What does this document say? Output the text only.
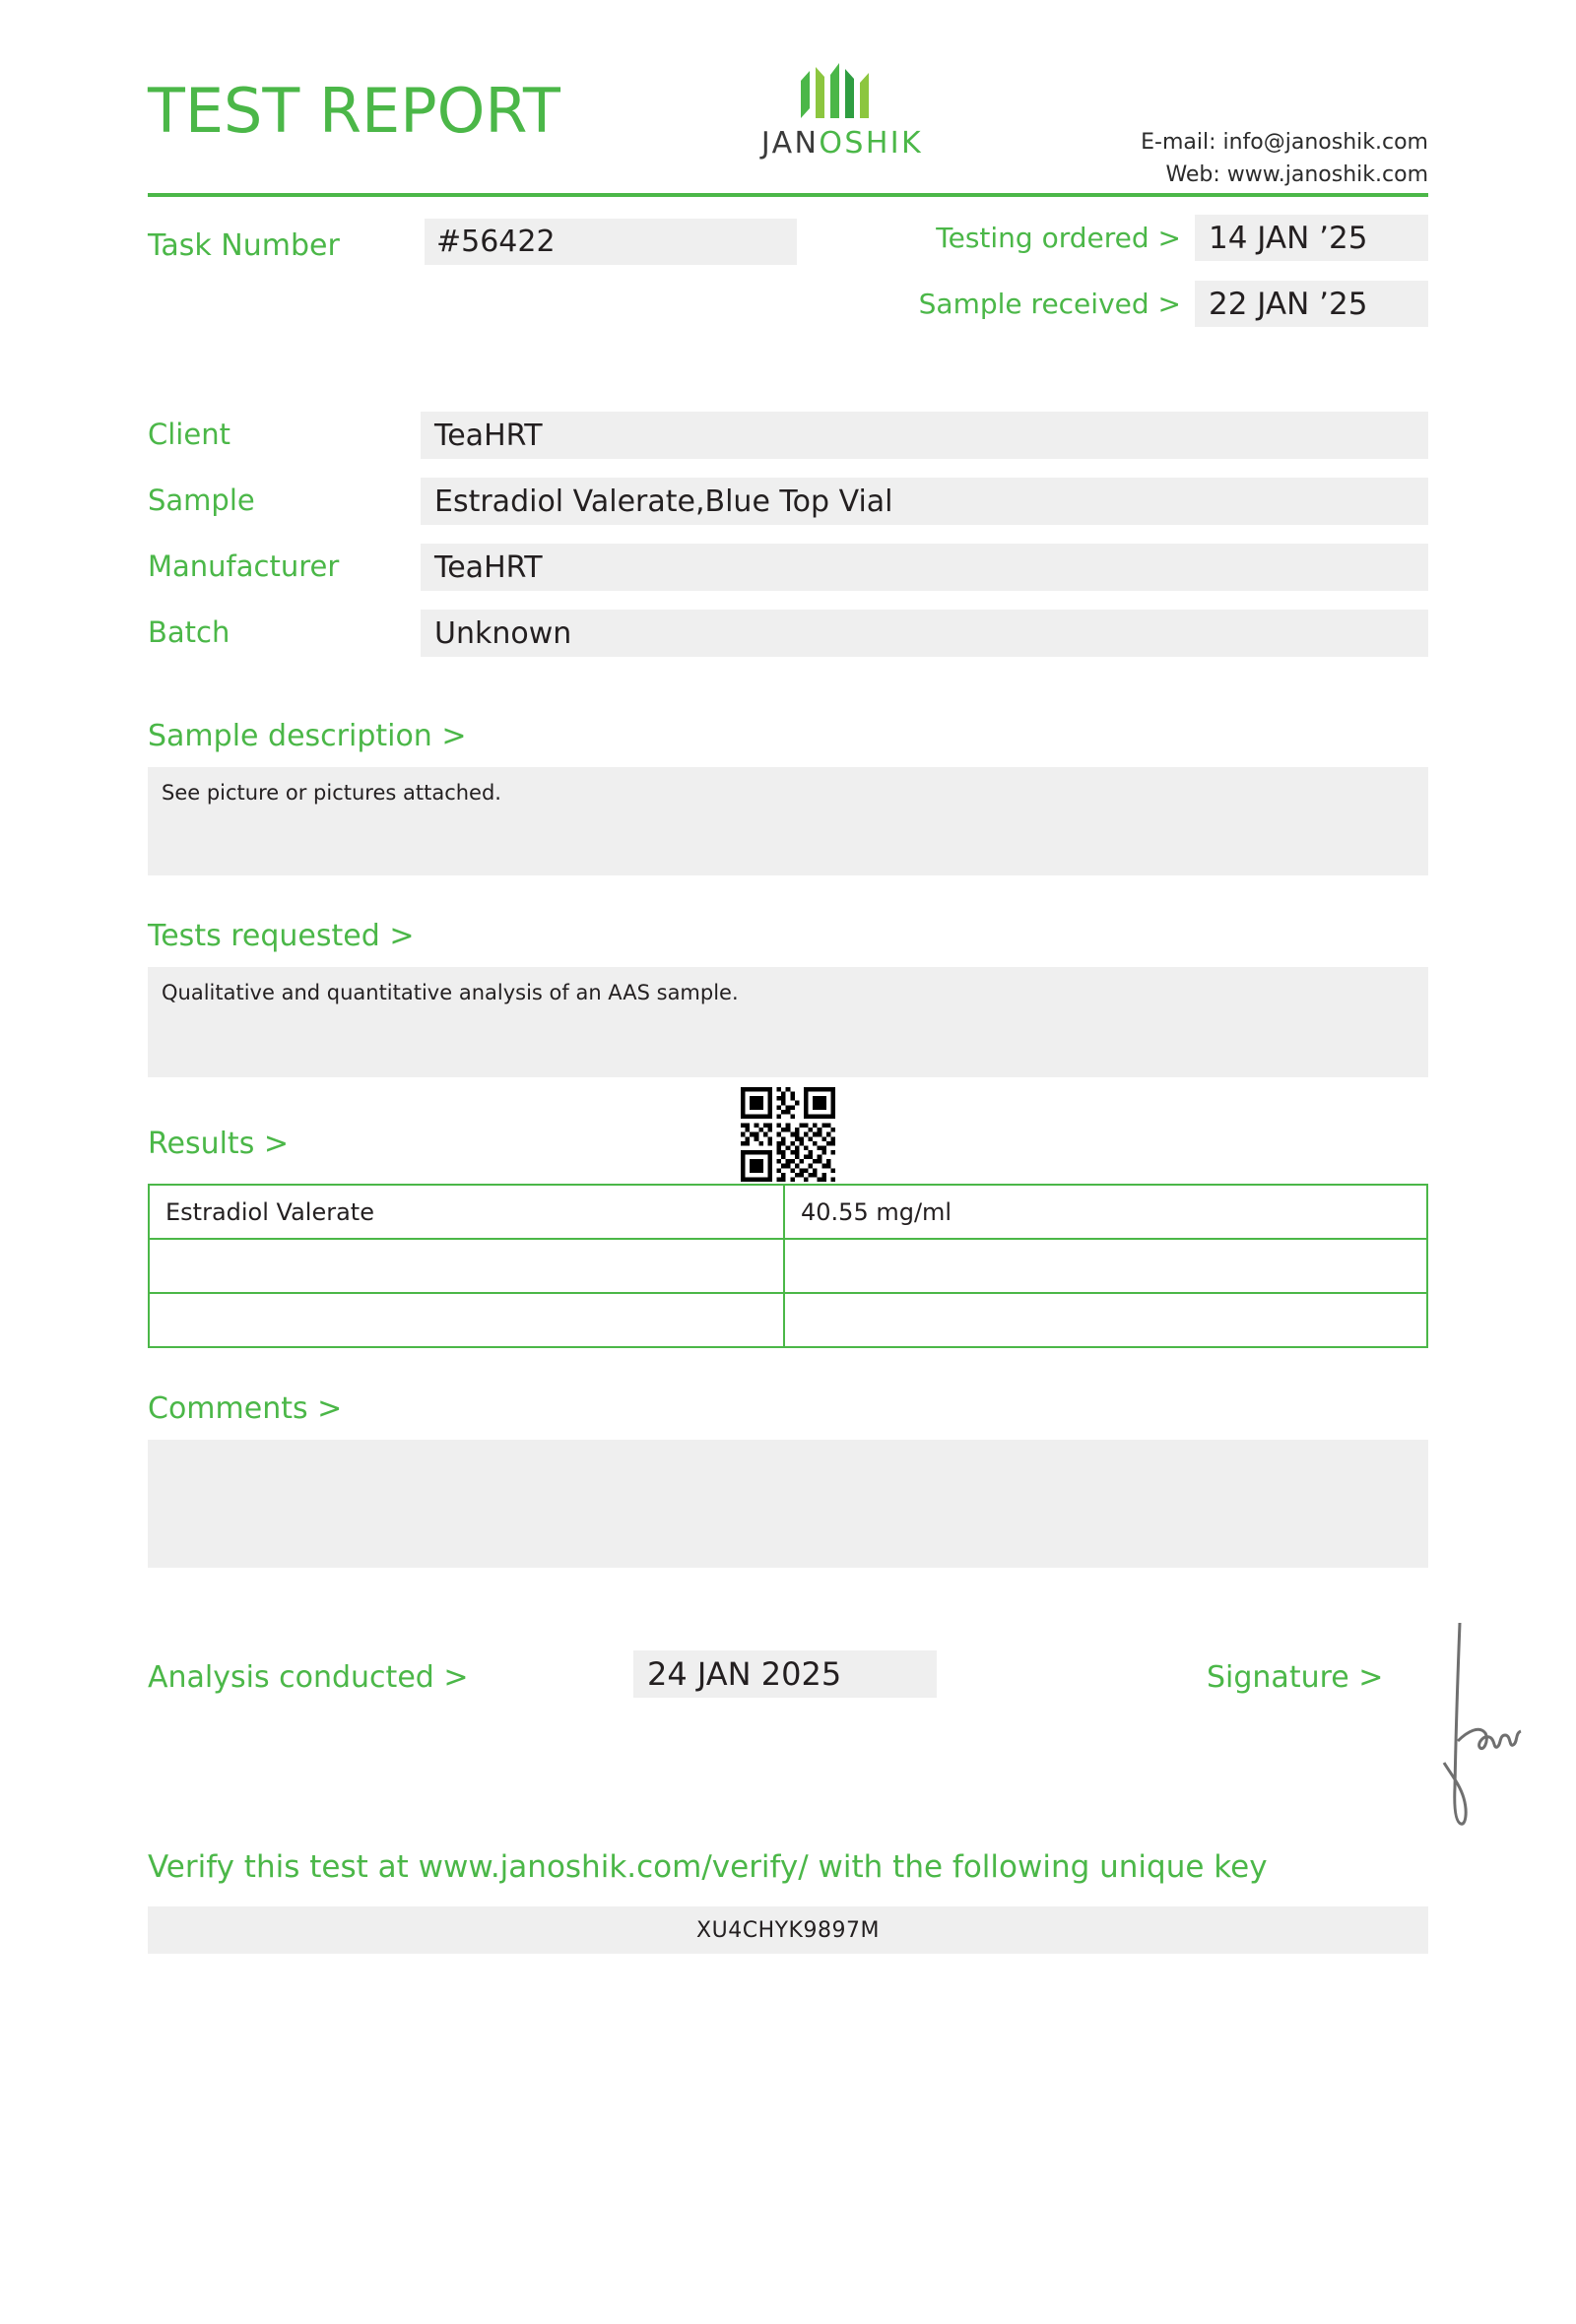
TEST REPORT	JANOSHIK	E-mail: info@janoshik.com
Web: www.janoshik.com
Task Number	#56422	Testing ordered > 14 JAN ’25
Sample received > 22 JAN ’25
Client	TeaHRT
Sample	Estradiol Valerate,Blue Top Vial
Manufacturer	TeaHRT
Batch	Unknown
Sample description >
See picture or pictures attached.
Tests requested >
Qualitative and quantitative analysis of an AAS sample.
Results >
Estradiol Valerate	40.55 mg/ml

Comments >
Analysis conducted >	24 JAN 2025	Signature >
Verify this test at www.janoshik.com/verify/ with the following unique key
XU4CHYK9897M
